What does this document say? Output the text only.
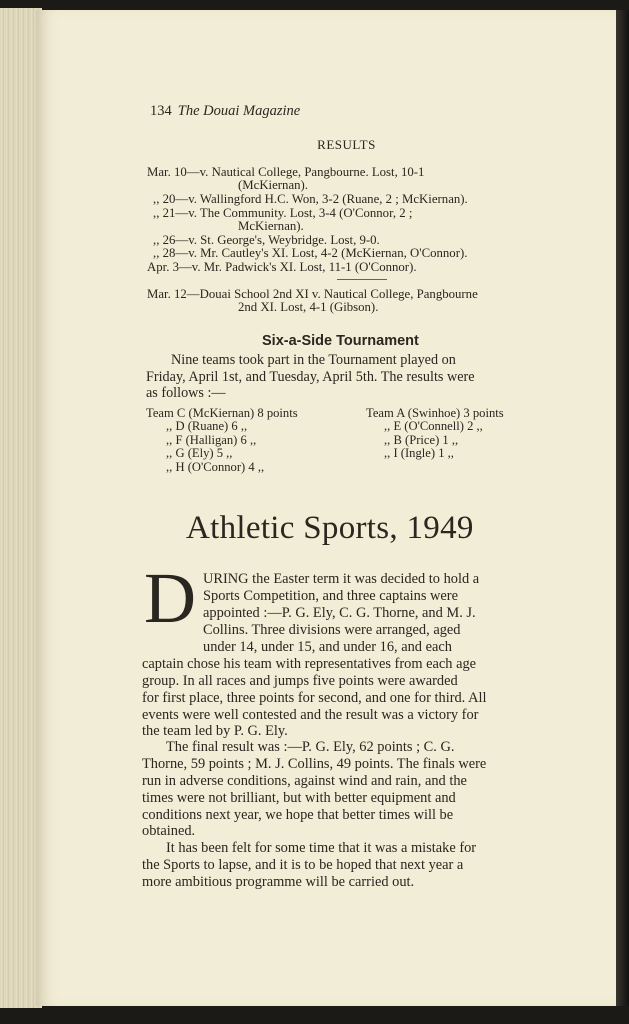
134 The Douai Magazine
RESULTS
Mar. 10—v. Nautical College, Pangbourne. Lost, 10-1
(McKiernan).
,, 20—v. Wallingford H.C. Won, 3-2 (Ruane, 2 ; McKiernan).
,, 21—v. The Community. Lost, 3-4 (O'Connor, 2 ;
McKiernan).
,, 26—v. St. George's, Weybridge. Lost, 9-0.
,, 28—v. Mr. Cautley's XI. Lost, 4-2 (McKiernan, O'Connor).
Apr. 3—v. Mr. Padwick's XI. Lost, 11-1 (O'Connor).
Mar. 12—Douai School 2nd XI v. Nautical College, Pangbourne
2nd XI. Lost, 4-1 (Gibson).
Six-a-Side Tournament
Nine teams took part in the Tournament played on
Friday, April 1st, and Tuesday, April 5th. The results were
as follows :—
Team C (McKiernan) 8 points
,, D (Ruane) 6 ,,
,, F (Halligan) 6 ,,
,, G (Ely) 5 ,,
,, H (O'Connor) 4 ,,
Team A (Swinhoe) 3 points
,, E (O'Connell) 2 ,,
,, B (Price) 1 ,,
,, I (Ingle) 1 ,,
Athletic Sports, 1949
D URING the Easter term it was decided to hold a
Sports Competition, and three captains were
appointed :—P. G. Ely, C. G. Thorne, and M. J.
Collins. Three divisions were arranged, aged
under 14, under 15, and under 16, and each
captain chose his team with representatives from each age
group. In all races and jumps five points were awarded
for first place, three points for second, and one for third. All
events were well contested and the result was a victory for
the team led by P. G. Ely.
The final result was :—P. G. Ely, 62 points ; C. G.
Thorne, 59 points ; M. J. Collins, 49 points. The finals were
run in adverse conditions, against wind and rain, and the
times were not brilliant, but with better equipment and
conditions next year, we hope that better times will be
obtained.
It has been felt for some time that it was a mistake for
the Sports to lapse, and it is to be hoped that next year a
more ambitious programme will be carried out.
